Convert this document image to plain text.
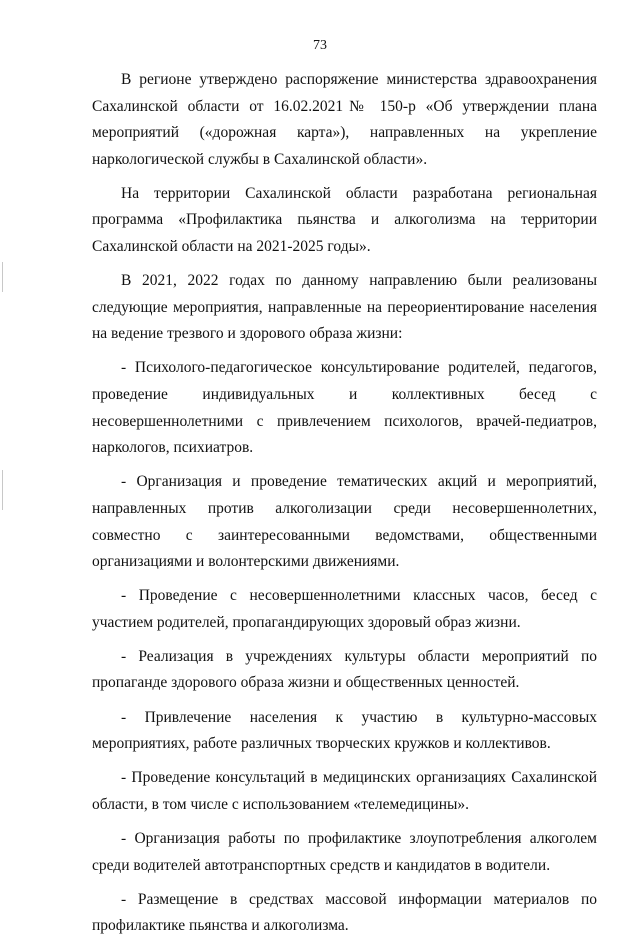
73

В регионе утверждено распоряжение министерства здравоохранения Сахалинской области от 16.02.2021№ 150-р «Об утверждении плана мероприятий («дорожная карта»), направленных на укрепление наркологической службы в Сахалинской области».

На территории Сахалинской области разработана региональная программа «Профилактика пьянства и алкоголизма на территории Сахалинской области на 2021-2025 годы».

В 2021, 2022 годах по данному направлению были реализованы следующие мероприятия, направленные на переориентирование населения на ведение трезвого и здорового образа жизни:

- Психолого-педагогическое консультирование родителей, педагогов, проведение индивидуальных и коллективных бесед с несовершеннолетними с привлечением психологов, врачей-педиатров, наркологов, психиатров.

- Организация и проведение тематических акций и мероприятий, направленных против алкоголизации среди несовершеннолетних, совместно с заинтересованными ведомствами, общественными организациями и волонтерскими движениями.

- Проведение с несовершеннолетними классных часов, бесед с участием родителей, пропагандирующих здоровый образ жизни.

- Реализация в учреждениях культуры области мероприятий по пропаганде здорового образа жизни и общественных ценностей.

- Привлечение населения к участию в культурно-массовых мероприятиях, работе различных творческих кружков и коллективов.

- Проведение консультаций в медицинских организациях Сахалинской области, в том числе с использованием «телемедицины».

- Организация работы по профилактике злоупотребления алкоголем среди водителей автотранспортных средств и кандидатов в водители.

- Размещение в средствах массовой информации материалов по профилактике пьянства и алкоголизма.
